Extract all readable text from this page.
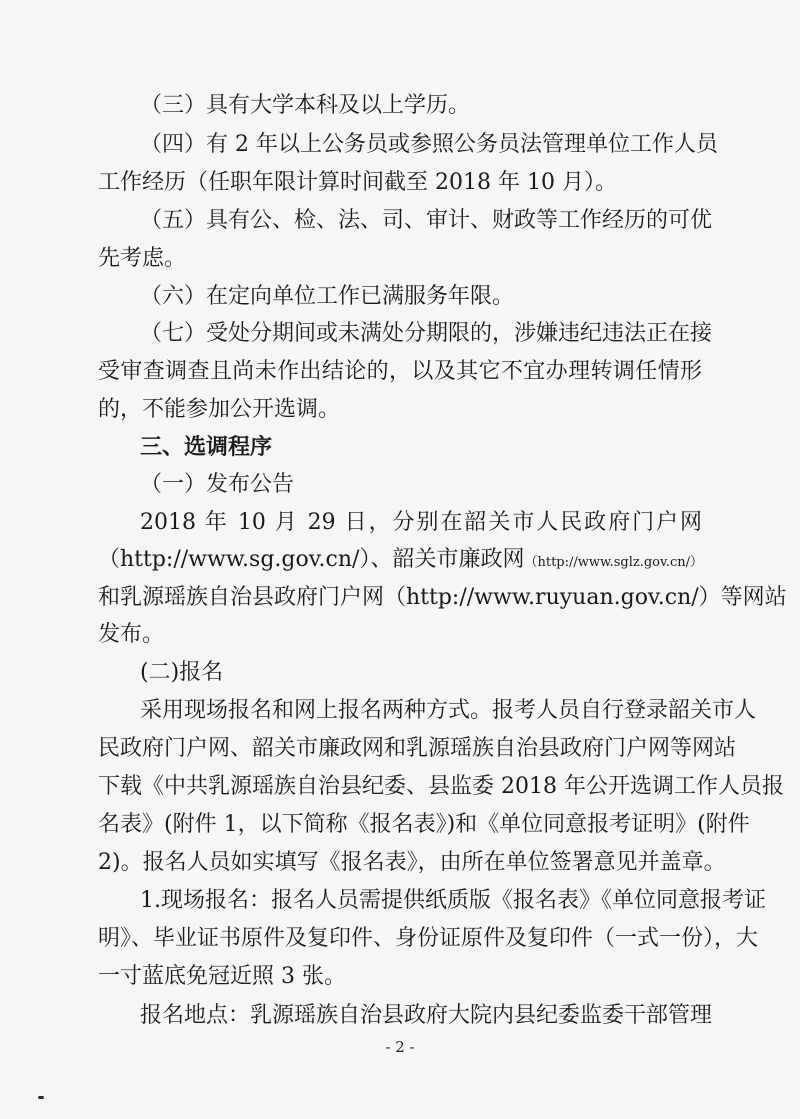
（三）具有大学本科及以上学历。
（四）有 2 年以上公务员或参照公务员法管理单位工作人员
工作经历（任职年限计算时间截至 2018 年 10 月）。
（五）具有公、检、法、司、审计、财政等工作经历的可优
先考虑。
（六）在定向单位工作已满服务年限。
（七）受处分期间或未满处分期限的，涉嫌违纪违法正在接
受审查调查且尚未作出结论的，以及其它不宜办理转调任情形
的，不能参加公开选调。
三、选调程序
（一）发布公告
2018 年 10 月 29 日，分别在韶关市人民政府门户网
（http://www.sg.gov.cn/）、韶关市廉政网（http://www.sglz.gov.cn/）
和乳源瑶族自治县政府门户网（http://www.ruyuan.gov.cn/）等网站
发布。
(二)报名
采用现场报名和网上报名两种方式。报考人员自行登录韶关市人
民政府门户网、韶关市廉政网和乳源瑶族自治县政府门户网等网站
下载《中共乳源瑶族自治县纪委、县监委 2018 年公开选调工作人员报
名表》(附件 1，以下简称《报名表》)和《单位同意报考证明》(附件
2)。报名人员如实填写《报名表》，由所在单位签署意见并盖章。
1.现场报名：报名人员需提供纸质版《报名表》《单位同意报考证
明》、毕业证书原件及复印件、身份证原件及复印件（一式一份），大
一寸蓝底免冠近照 3 张。
报名地点：乳源瑶族自治县政府大院内县纪委监委干部管理
- 2 -
